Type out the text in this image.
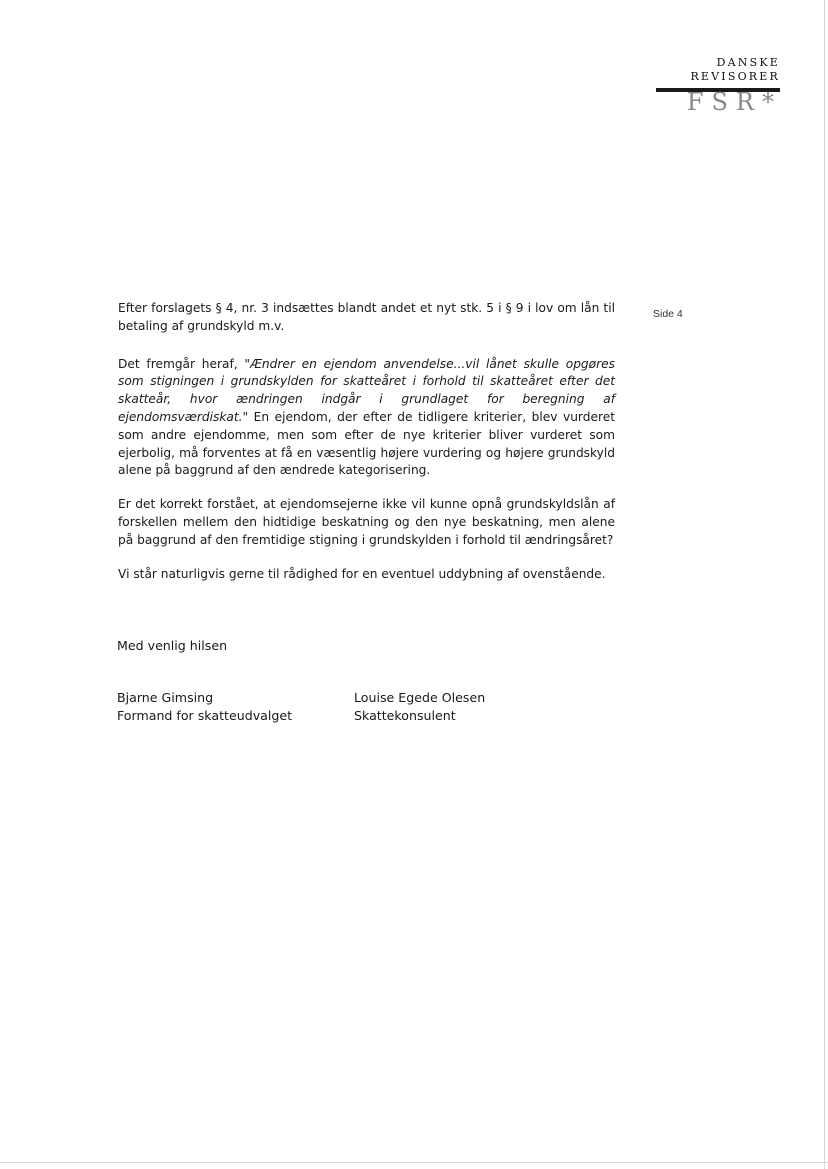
DANSKE
REVISORER
FSR*
Side 4

Efter forslagets § 4, nr. 3 indsættes blandt andet et nyt stk. 5 i § 9 i lov om lån til betaling af grundskyld m.v.

Det fremgår heraf, "Ændrer en ejendom anvendelse...vil lånet skulle opgøres som stigningen i grundskylden for skatteåret i forhold til skatteåret efter det skatteår, hvor ændringen indgår i grundlaget for beregning af ejendomsværdiskat." En ejendom, der efter de tidligere kriterier, blev vurderet som andre ejendomme, men som efter de nye kriterier bliver vurderet som ejerbolig, må forventes at få en væsentlig højere vurdering og højere grundskyld alene på baggrund af den ændrede kategorisering.

Er det korrekt forstået, at ejendomsejerne ikke vil kunne opnå grundskyldslån af forskellen mellem den hidtidige beskatning og den nye beskatning, men alene på baggrund af den fremtidige stigning i grundskylden i forhold til ændringsåret?

Vi står naturligvis gerne til rådighed for en eventuel uddybning af ovenstående.

Med venlig hilsen
Bjarne Gimsing
Formand for skatteudvalget
Louise Egede Olesen
Skattekonsulent
